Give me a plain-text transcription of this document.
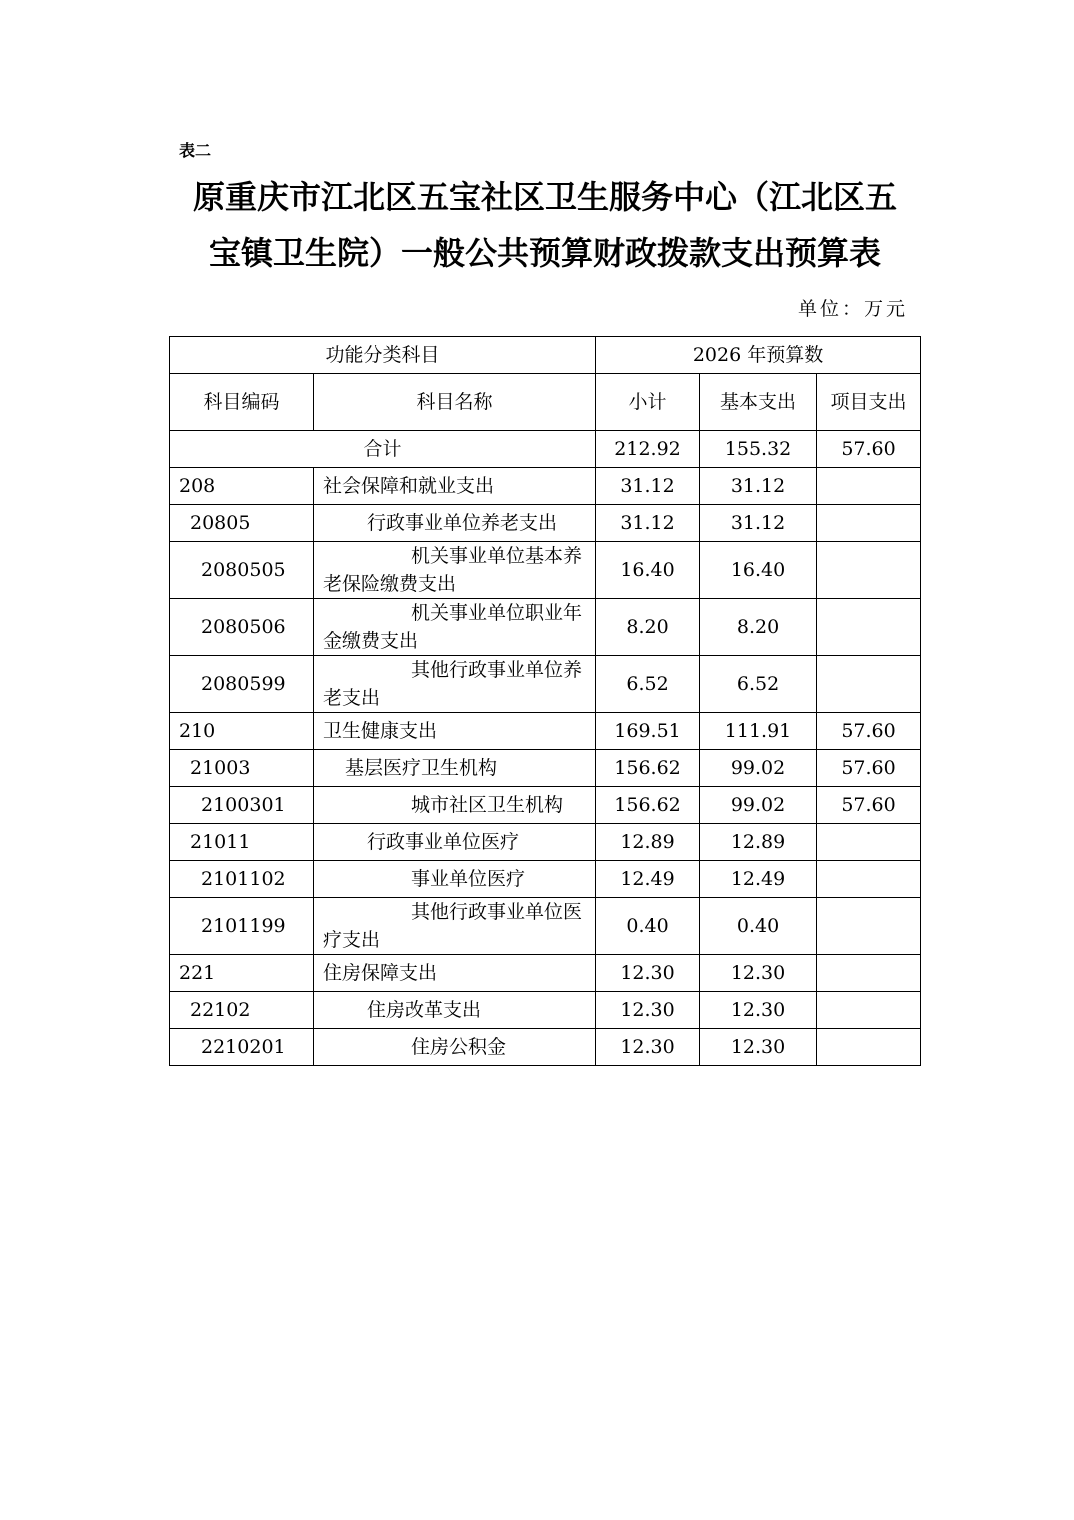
表二
原重庆市江北区五宝社区卫生服务中心（江北区五
宝镇卫生院）一般公共预算财政拨款支出预算表
单位：万元
功能分类科目		2026 年预算数		
科目编码	科目名称	小计	基本支出	项目支出
合计		212.92	155.32	57.60
208	社会保障和就业支出	31.12	31.12	
20805	行政事业单位养老支出	31.12	31.12	
2080505	机关事业单位基本养老保险缴费支出	16.40	16.40	
2080506	机关事业单位职业年金缴费支出	8.20	8.20	
2080599	其他行政事业单位养老支出	6.52	6.52	
210	卫生健康支出	169.51	111.91	57.60
21003	基层医疗卫生机构	156.62	99.02	57.60
2100301	城市社区卫生机构	156.62	99.02	57.60
21011	行政事业单位医疗	12.89	12.89	
2101102	事业单位医疗	12.49	12.49	
2101199	其他行政事业单位医疗支出	0.40	0.40	
221	住房保障支出	12.30	12.30	
22102	住房改革支出	12.30	12.30	
2210201	住房公积金	12.30	12.30	
